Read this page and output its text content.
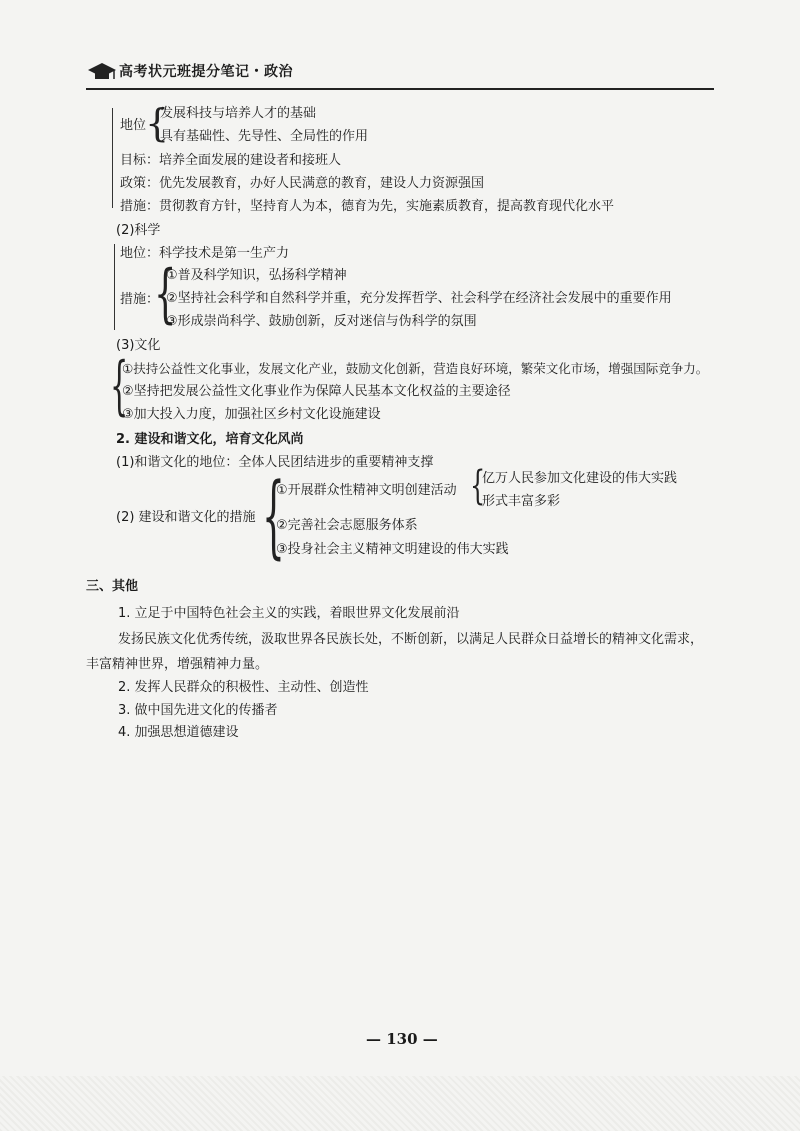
高考状元班提分笔记・政治
地位
{
发展科技与培养人才的基础
具有基础性、先导性、全局性的作用
目标：培养全面发展的建设者和接班人
政策：优先发展教育，办好人民满意的教育，建设人力资源强国
措施：贯彻教育方针，坚持育人为本，德育为先，实施素质教育，提高教育现代化水平
(2)科学
地位：科学技术是第一生产力
措施：
{
①普及科学知识，弘扬科学精神
②坚持社会科学和自然科学并重，充分发挥哲学、社会科学在经济社会发展中的重要作用
③形成崇尚科学、鼓励创新，反对迷信与伪科学的氛围
(3)文化
{
①扶持公益性文化事业，发展文化产业，鼓励文化创新，营造良好环境，繁荣文化市场，增强国际竞争力。
②坚持把发展公益性文化事业作为保障人民基本文化权益的主要途径
③加大投入力度，加强社区乡村文化设施建设
2. 建设和谐文化，培育文化风尚
(1)和谐文化的地位：全体人民团结进步的重要精神支撑
(2) 建设和谐文化的措施 {
①开展群众性精神文明创建活动 {
亿万人民参加文化建设的伟大实践
形式丰富多彩
②完善社会志愿服务体系
③投身社会主义精神文明建设的伟大实践
三、其他
1. 立足于中国特色社会主义的实践，着眼世界文化发展前沿
发扬民族文化优秀传统，汲取世界各民族长处，不断创新，以满足人民群众日益增长的精神文化需求，丰富精神世界，增强精神力量。
2. 发挥人民群众的积极性、主动性、创造性
3. 做中国先进文化的传播者
4. 加强思想道德建设
— 130 —
